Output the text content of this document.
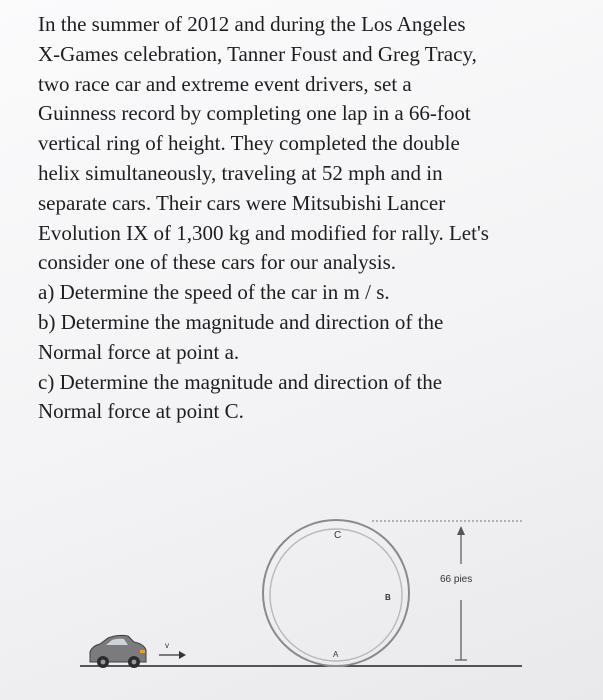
In the summer of 2012 and during the Los Angeles
X-Games celebration, Tanner Foust and Greg Tracy,
two race car and extreme event drivers, set a
Guinness record by completing one lap in a 66-foot
vertical ring of height. They completed the double
helix simultaneously, traveling at 52 mph and in
separate cars. Their cars were Mitsubishi Lancer
Evolution IX of 1,300 kg and modified for rally. Let's
consider one of these cars for our analysis.
a) Determine the speed of the car in m / s.
b) Determine the magnitude and direction of the
Normal force at point a.
c) Determine the magnitude and direction of the
Normal force at point C.
C
B
A
66 pies
v
